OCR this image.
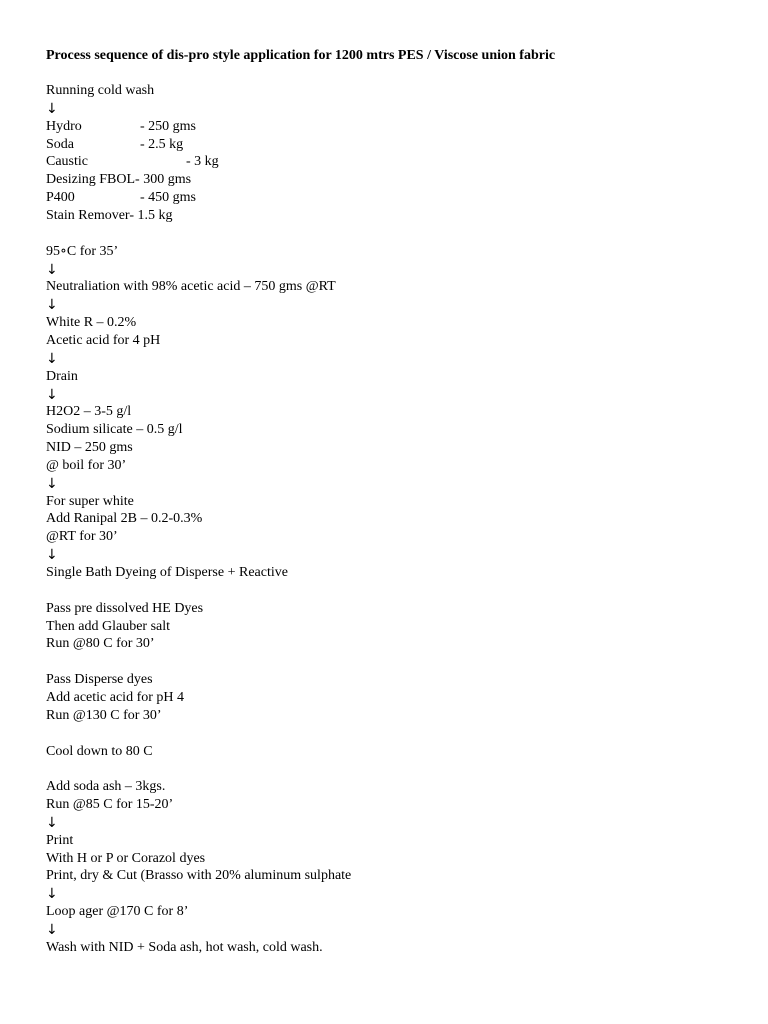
Process sequence of dis-pro style application for 1200 mtrs PES / Viscose union fabric
Running cold wash
↓
Hydro	- 250 gms
Soda	- 2.5 kg
Caustic	- 3 kg
Desizing FBOL- 300 gms
P400	- 450 gms
Stain Remover- 1.5 kg
95∘C for 35’
↓
Neutraliation with 98% acetic acid – 750 gms @RT
↓
White R – 0.2%
Acetic acid for 4 pH
↓
Drain
↓
H2O2 – 3-5 g/l
Sodium silicate – 0.5 g/l
NID – 250 gms
@ boil for 30’
↓
For super white
Add Ranipal 2B – 0.2-0.3%
@RT for 30’
↓
Single Bath Dyeing of Disperse + Reactive
Pass pre dissolved HE Dyes
Then add Glauber salt
Run @80 C for 30’
Pass Disperse dyes
Add acetic acid for pH 4
Run @130 C for 30’
Cool down to 80 C
Add soda ash – 3kgs.
Run @85 C for 15-20’
↓
Print
With H or P or Corazol dyes
Print, dry & Cut (Brasso with 20% aluminum sulphate
↓
Loop ager @170 C for 8’
↓
Wash with NID + Soda ash, hot wash, cold wash.
